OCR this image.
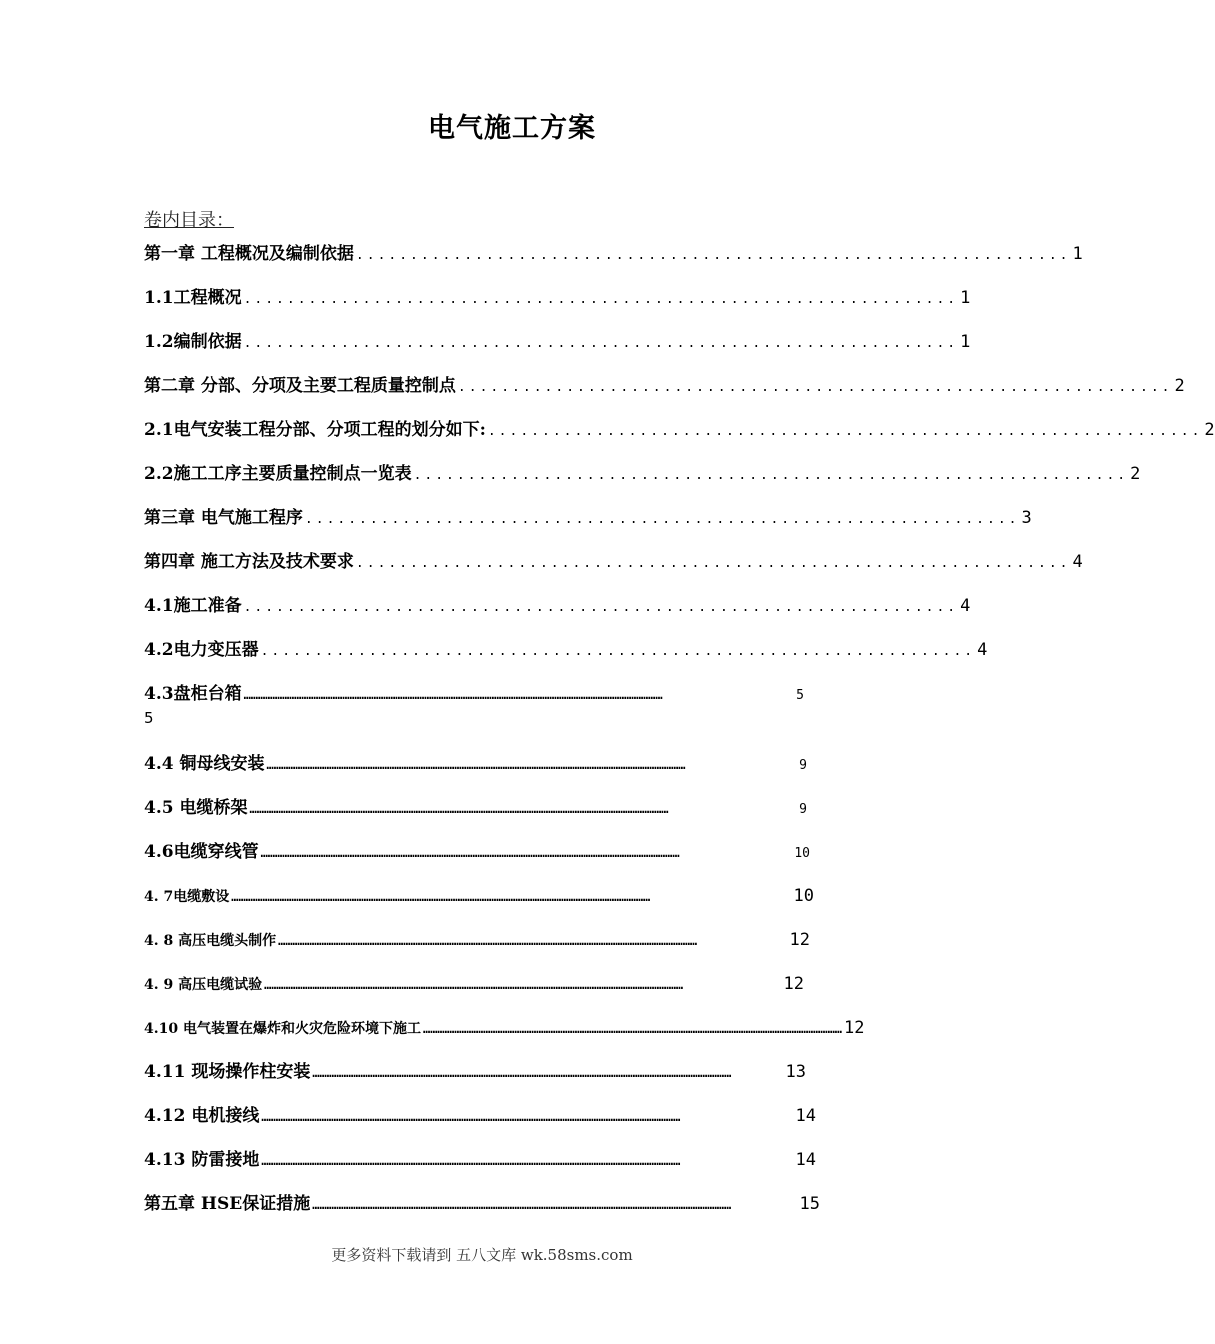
电气施工方案
卷内目录：
第一章 工程概况及编制依据 .................................................................. 1
1.1工程概况 .................................................................. 1
1.2编制依据 .................................................................. 1
第二章 分部、分项及主要工程质量控制点 .................................................................. 2
2.1电气安装工程分部、分项工程的划分如下: .................................................................. 2
2.2施工工序主要质量控制点一览表 .................................................................. 2
第三章 电气施工程序 .................................................................. 3
第四章 施工方法及技术要求 .................................................................. 4
4.1施工准备 .................................................................. 4
4.2电力变压器 .................................................................. 4
4.3盘柜台箱 …………………………………………………………………………………………………………………………………………………………	5
4.4 铜母线安装 …………………………………………………………………………………………………………………………………………………………	9
4.5 电缆桥架 …………………………………………………………………………………………………………………………………………………………	9
4.6电缆穿线管 …………………………………………………………………………………………………………………………………………………………	10
4. 7电缆敷设 …………………………………………………………………………………………………………………………………………………………	10
4. 8 高压电缆头制作 …………………………………………………………………………………………………………………………………………………………	12
4. 9 高压电缆试验 …………………………………………………………………………………………………………………………………………………………	12
4.10 电气装置在爆炸和火灾危险环境下施工 ………………………………………………………………………………………………………………………………………………………… 12
4.11 现场操作柱安装 …………………………………………………………………………………………………………………………………………………………	13
4.12 电机接线 …………………………………………………………………………………………………………………………………………………………	14
4.13 防雷接地 …………………………………………………………………………………………………………………………………………………………	14
第五章 HSE保证措施 …………………………………………………………………………………………………………………………………………………………	15
5
更多资料下载请到 五八文库 wk.58sms.com
